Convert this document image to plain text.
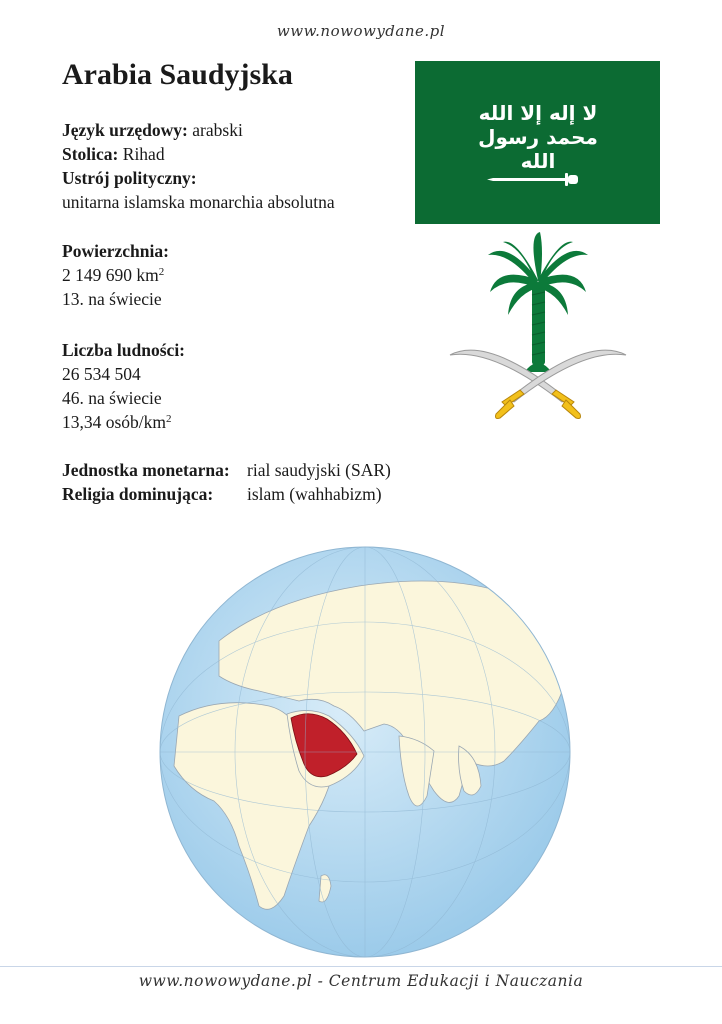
www.nowowydane.pl
Arabia Saudyjska
Język urzędowy: arabski
Stolica: Rihad
Ustrój polityczny:
unitarna islamska monarchia absolutna
Powierzchnia:
2 149 690 $km^2$
13. na świecie
Liczba ludności:
26 534 504
46. na świecie
13,34 osób/$km^2$
Jednostka monetarna: rial saudyjski (SAR)
Religia dominująca:	islam (wahhabizm)
لا إله إلا الله محمد رسول الله
www.nowowydane.pl - Centrum Edukacji i Nauczania
